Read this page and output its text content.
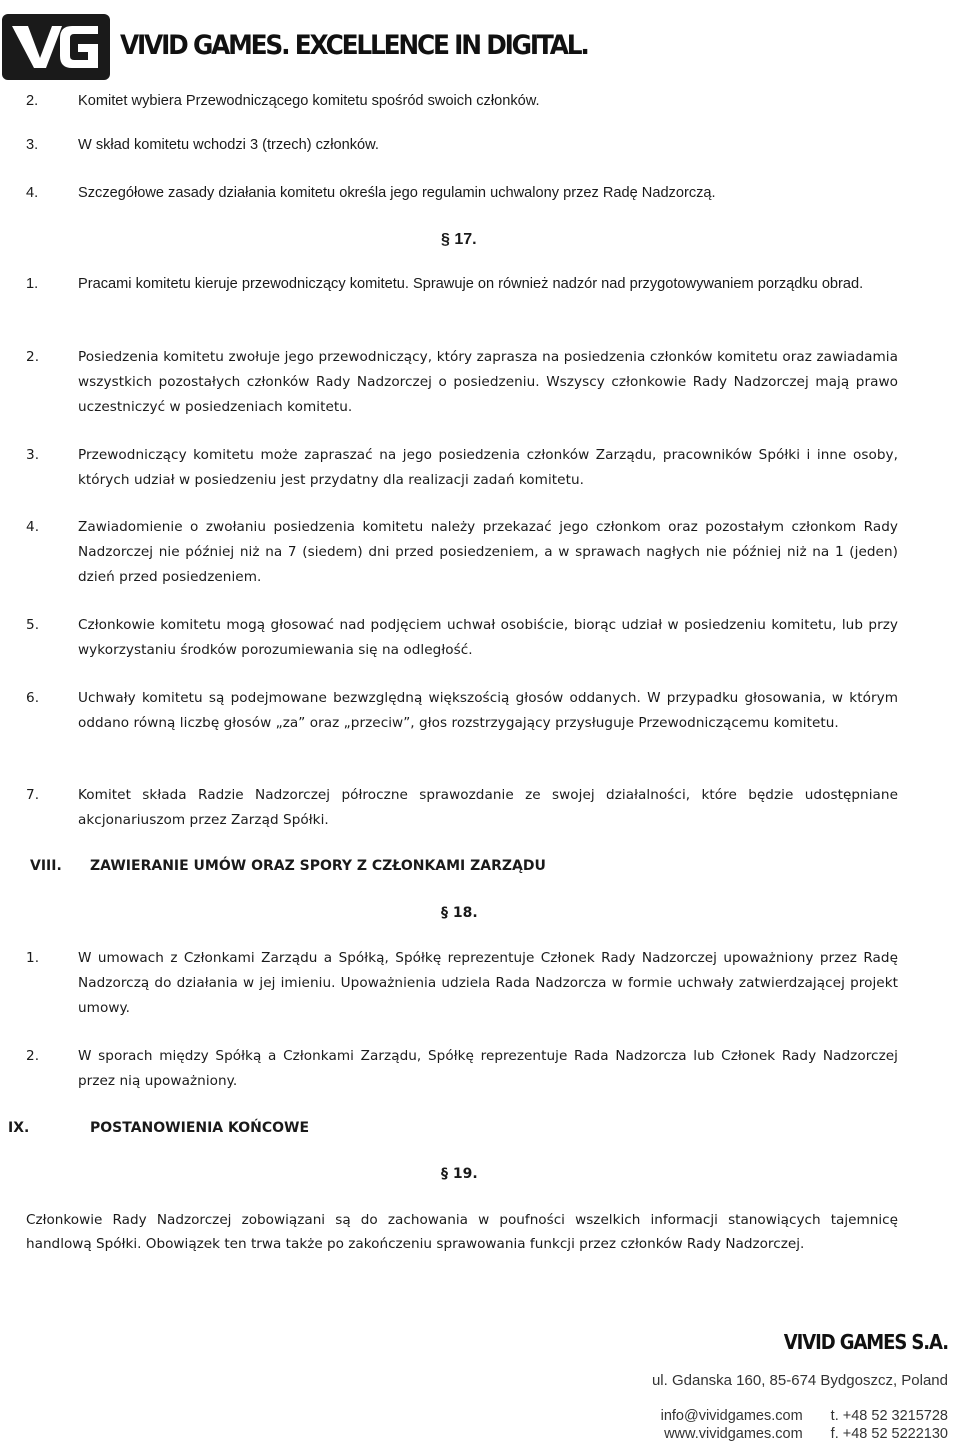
VIVID GAMES. EXCELLENCE IN DIGITAL.
2.	Komitet wybiera Przewodniczącego komitetu spośród swoich członków.
3.	W skład komitetu wchodzi 3 (trzech) członków.
4.	Szczegółowe zasady działania komitetu określa jego regulamin uchwalony przez Radę Nadzorczą.
§ 17.
1.	Pracami komitetu kieruje przewodniczący komitetu. Sprawuje on również nadzór nad przygotowywaniem porządku obrad.
2.	Posiedzenia komitetu zwołuje jego przewodniczący, który zaprasza na posiedzenia członków komitetu oraz zawiadamia wszystkich pozostałych członków Rady Nadzorczej o posiedzeniu. Wszyscy członkowie Rady Nadzorczej mają prawo uczestniczyć w posiedzeniach komitetu.
3.	Przewodniczący komitetu może zapraszać na jego posiedzenia członków Zarządu, pracowników Spółki i inne osoby, których udział w posiedzeniu jest przydatny dla realizacji zadań komitetu.
4.	Zawiadomienie o zwołaniu posiedzenia komitetu należy przekazać jego członkom oraz pozostałym członkom Rady Nadzorczej nie później niż na 7 (siedem) dni przed posiedzeniem, a w sprawach nagłych nie później niż na 1 (jeden) dzień przed posiedzeniem.
5.	Członkowie komitetu mogą głosować nad podjęciem uchwał osobiście, biorąc udział w posiedzeniu komitetu, lub przy wykorzystaniu środków porozumiewania się na odległość.
6.	Uchwały komitetu są podejmowane bezwzględną większością głosów oddanych. W przypadku głosowania, w którym oddano równą liczbę głosów „za” oraz „przeciw”, głos rozstrzygający przysługuje Przewodniczącemu komitetu.
7.	Komitet składa Radzie Nadzorczej półroczne sprawozdanie ze swojej działalności, które będzie udostępniane akcjonariuszom przez Zarząd Spółki.
VIII. ZAWIERANIE UMÓW ORAZ SPORY Z CZŁONKAMI ZARZĄDU
§ 18.
1.	W umowach z Członkami Zarządu a Spółką, Spółkę reprezentuje Członek Rady Nadzorczej upoważniony przez Radę Nadzorczą do działania w jej imieniu. Upoważnienia udziela Rada Nadzorcza w formie uchwały zatwierdzającej projekt umowy.
2.	W sporach między Spółką a Członkami Zarządu, Spółkę reprezentuje Rada Nadzorcza lub Członek Rady Nadzorczej przez nią upoważniony.
IX.	POSTANOWIENIA KOŃCOWE
§ 19.
Członkowie Rady Nadzorczej zobowiązani są do zachowania w poufności wszelkich informacji stanowiących tajemnicę handlową Spółki. Obowiązek ten trwa także po zakończeniu sprawowania funkcji przez członków Rady Nadzorczej.
VIVID GAMES S.A.
ul. Gdanska 160, 85-674 Bydgoszcz, Poland
info@vividgames.com
www.vividgames.com
t. +48 52 3215728
f. +48 52 5222130
